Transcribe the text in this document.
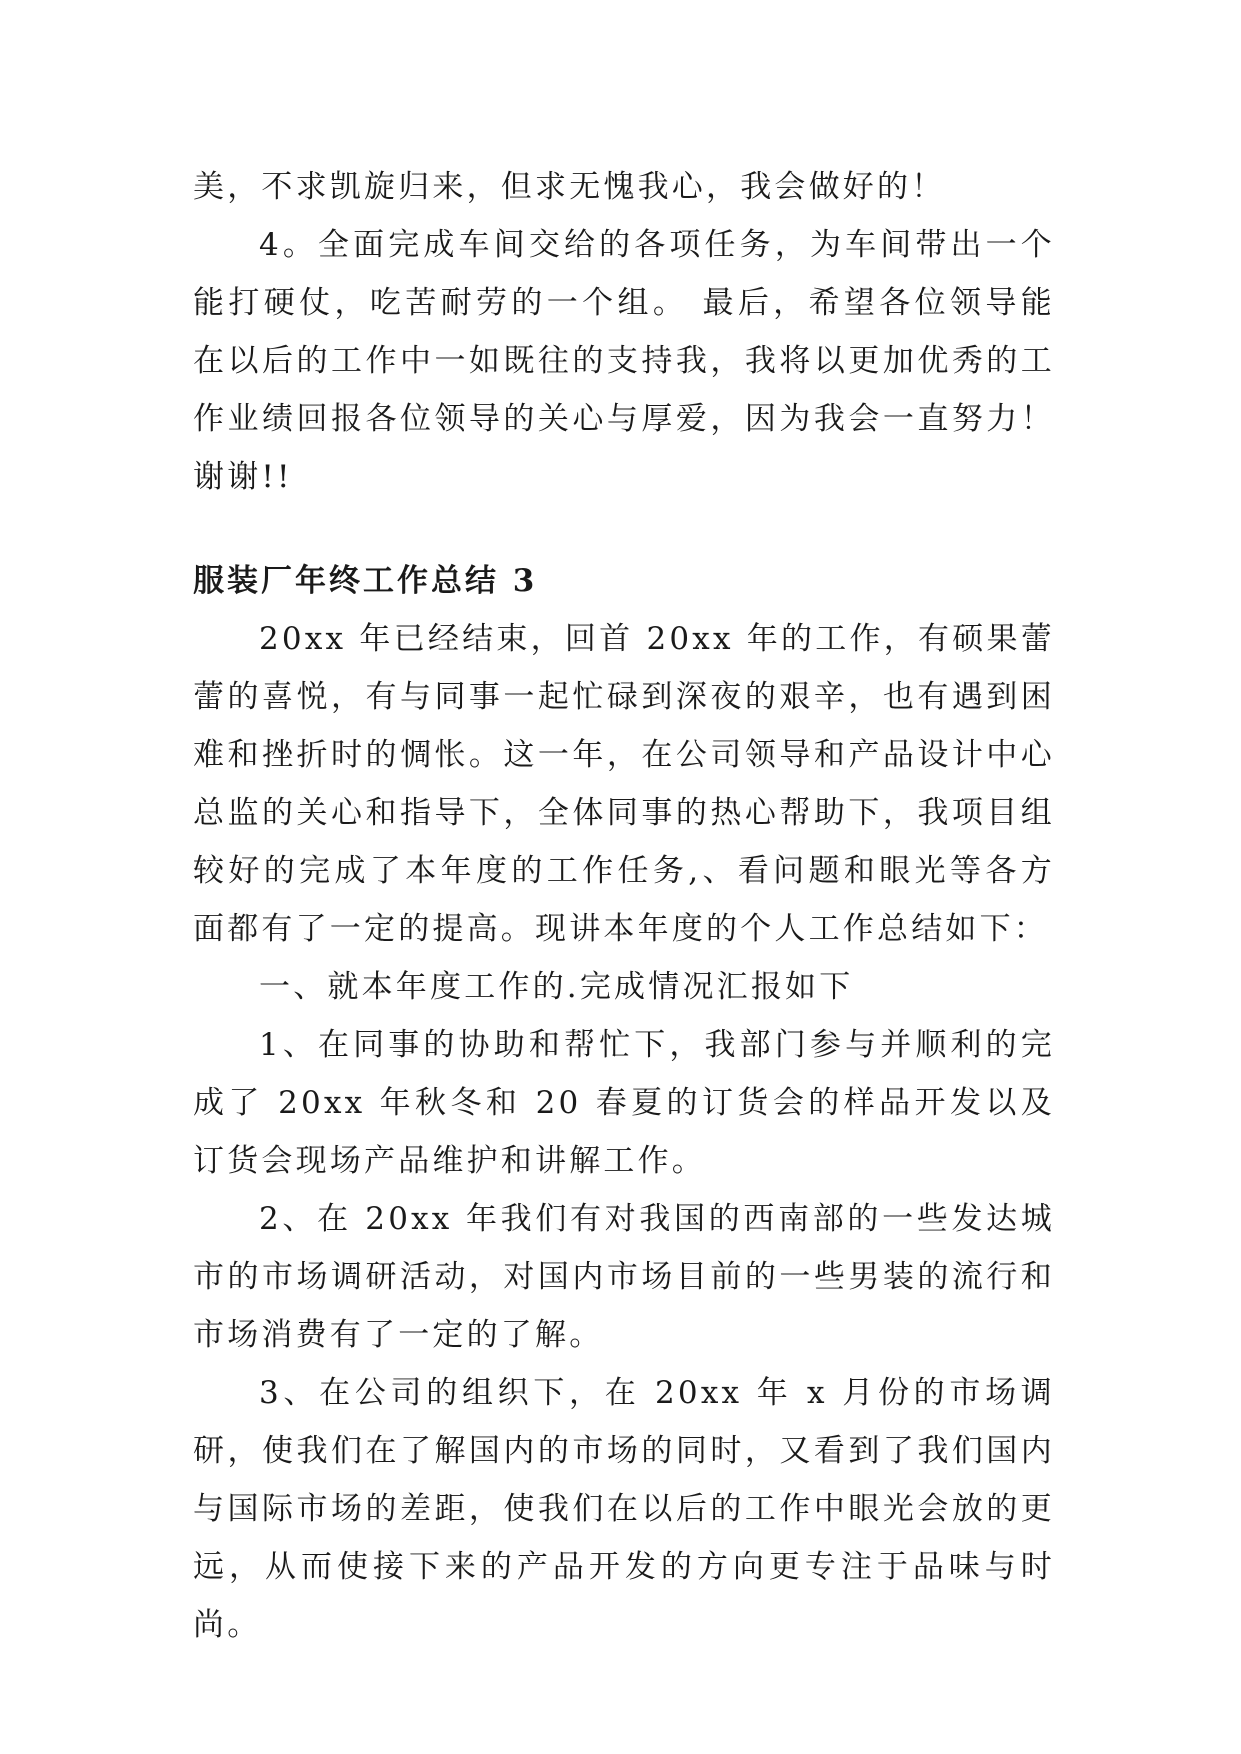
美，不求凯旋归来，但求无愧我心，我会做好的！

4。全面完成车间交给的各项任务，为车间带出一个能打硬仗，吃苦耐劳的一个组。 最后，希望各位领导能在以后的工作中一如既往的支持我，我将以更加优秀的工作业绩回报各位领导的关心与厚爱，因为我会一直努力！谢谢!!

服装厂年终工作总结 3

20xx 年已经结束，回首 20xx 年的工作，有硕果蕾蕾的喜悦，有与同事一起忙碌到深夜的艰辛，也有遇到困难和挫折时的惆怅。这一年，在公司领导和产品设计中心总监的关心和指导下，全体同事的热心帮助下，我项目组较好的完成了本年度的工作任务,、看问题和眼光等各方面都有了一定的提高。现讲本年度的个人工作总结如下：

一、就本年度工作的.完成情况汇报如下

1、在同事的协助和帮忙下，我部门参与并顺利的完成了 20xx 年秋冬和 20 春夏的订货会的样品开发以及订货会现场产品维护和讲解工作。

2、在 20xx 年我们有对我国的西南部的一些发达城市的市场调研活动，对国内市场目前的一些男装的流行和市场消费有了一定的了解。

3、在公司的组织下，在 20xx 年 x 月份的市场调研，使我们在了解国内的市场的同时，又看到了我们国内与国际市场的差距，使我们在以后的工作中眼光会放的更远，从而使接下来的产品开发的方向更专注于品味与时尚。
